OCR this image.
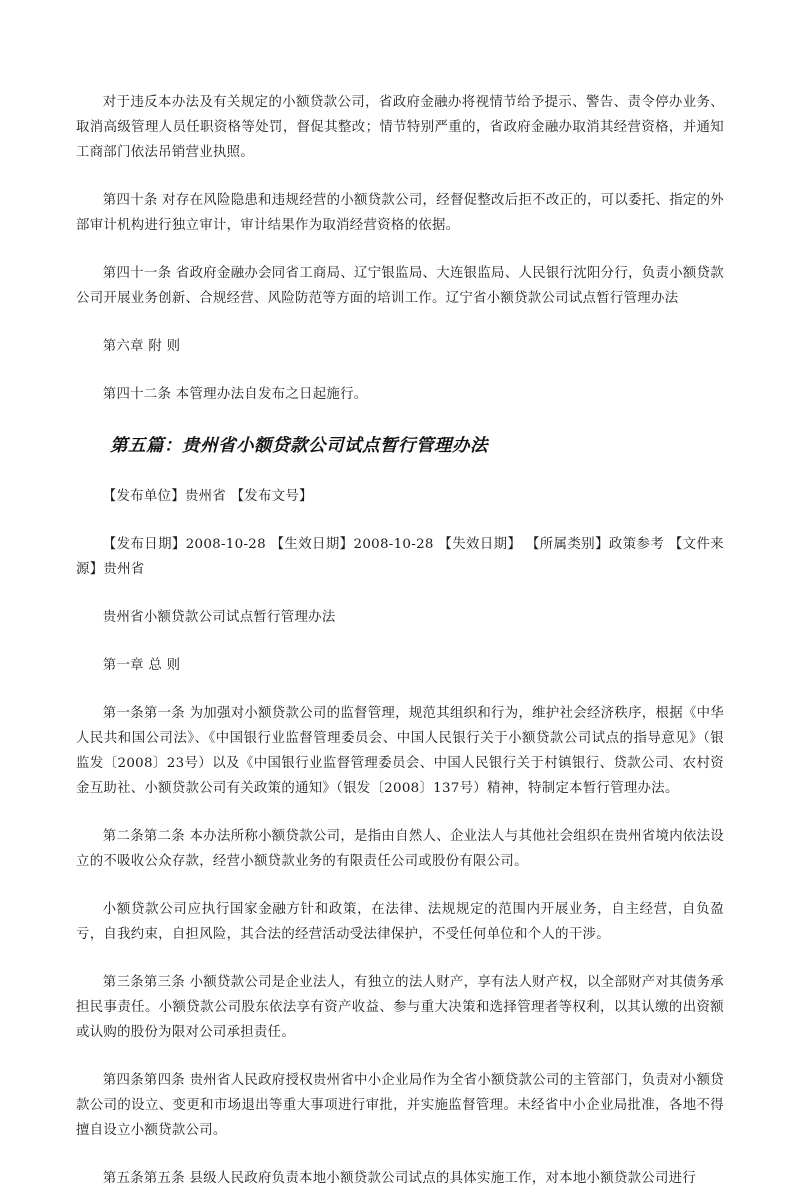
对于违反本办法及有关规定的小额贷款公司，省政府金融办将视情节给予提示、警告、责令停办业务、取消高级管理人员任职资格等处罚，督促其整改；情节特别严重的，省政府金融办取消其经营资格，并通知工商部门依法吊销营业执照。

第四十条 对存在风险隐患和违规经营的小额贷款公司，经督促整改后拒不改正的，可以委托、指定的外部审计机构进行独立审计，审计结果作为取消经营资格的依据。

第四十一条 省政府金融办会同省工商局、辽宁银监局、大连银监局、人民银行沈阳分行，负责小额贷款公司开展业务创新、合规经营、风险防范等方面的培训工作。辽宁省小额贷款公司试点暂行管理办法

第六章 附 则

第四十二条 本管理办法自发布之日起施行。

第五篇：贵州省小额贷款公司试点暂行管理办法

【发布单位】贵州省 【发布文号】

【发布日期】2008-10-28 【生效日期】2008-10-28 【失效日期】 【所属类别】政策参考 【文件来源】贵州省

贵州省小额贷款公司试点暂行管理办法

第一章 总 则

第一条第一条 为加强对小额贷款公司的监督管理，规范其组织和行为，维护社会经济秩序，根据《中华人民共和国公司法》、《中国银行业监督管理委员会、中国人民银行关于小额贷款公司试点的指导意见》（银监发〔2008〕23号）以及《中国银行业监督管理委员会、中国人民银行关于村镇银行、贷款公司、农村资金互助社、小额贷款公司有关政策的通知》（银发〔2008〕137号）精神，特制定本暂行管理办法。

第二条第二条 本办法所称小额贷款公司，是指由自然人、企业法人与其他社会组织在贵州省境内依法设立的不吸收公众存款，经营小额贷款业务的有限责任公司或股份有限公司。

小额贷款公司应执行国家金融方针和政策，在法律、法规规定的范围内开展业务，自主经营，自负盈亏，自我约束，自担风险，其合法的经营活动受法律保护，不受任何单位和个人的干涉。

第三条第三条 小额贷款公司是企业法人，有独立的法人财产，享有法人财产权，以全部财产对其债务承担民事责任。小额贷款公司股东依法享有资产收益、参与重大决策和选择管理者等权利，以其认缴的出资额或认购的股份为限对公司承担责任。

第四条第四条 贵州省人民政府授权贵州省中小企业局作为全省小额贷款公司的主管部门，负责对小额贷款公司的设立、变更和市场退出等重大事项进行审批，并实施监督管理。未经省中小企业局批准，各地不得擅自设立小额贷款公司。

第五条第五条 县级人民政府负责本地小额贷款公司试点的具体实施工作，对本地小额贷款公司进行
